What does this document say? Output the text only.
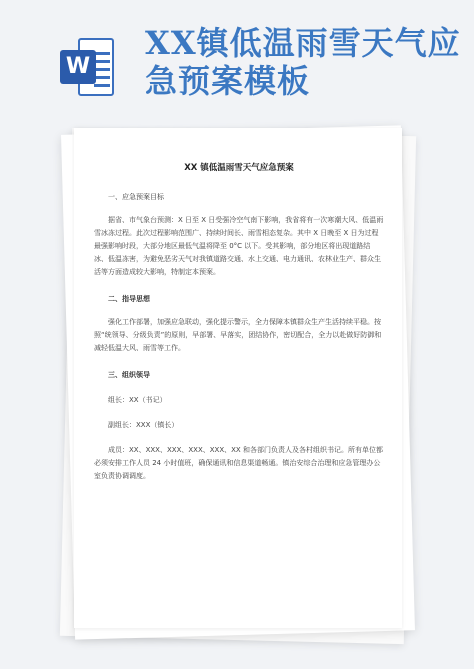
W
XX镇低温雨雪天气应急预案模板
XX 镇低温雨雪天气应急预案
一、应急预案目标

据省、市气象台预测：X 日至 X 日受强冷空气南下影响，我省将有一次寒潮大风、低温雨雪冰冻过程。此次过程影响范围广、持续时间长、雨雪相态复杂。其中 X 日晚至 X 日为过程最强影响时段，大部分地区最低气温将降至 0°C 以下。受其影响，部分地区将出现道路结冰、低温冻害，为避免恶劣天气对我镇道路交通、水上交通、电力通讯、农林业生产、群众生活等方面造成较大影响，特制定本预案。

二、指导思想

强化工作部署，加强应急联动，强化提示警示，全力保障本镇群众生产生活持续平稳。按照“统领导、分级负责”的原则，早部署、早落实，团结协作，密切配合，全力以赴做好防御和减轻低温大风、雨雪等工作。

三、组织领导

组长：XX（书记）

副组长：XXX（镇长）

成员：XX、XXX、XXX、XXX、XXX、XX 和各部门负责人及各村组织书记。所有单位都必须安排工作人员 24 小时值班，确保通讯和信息渠道畅通。镇治安综合治理和应急管理办公室负责协调调度。
